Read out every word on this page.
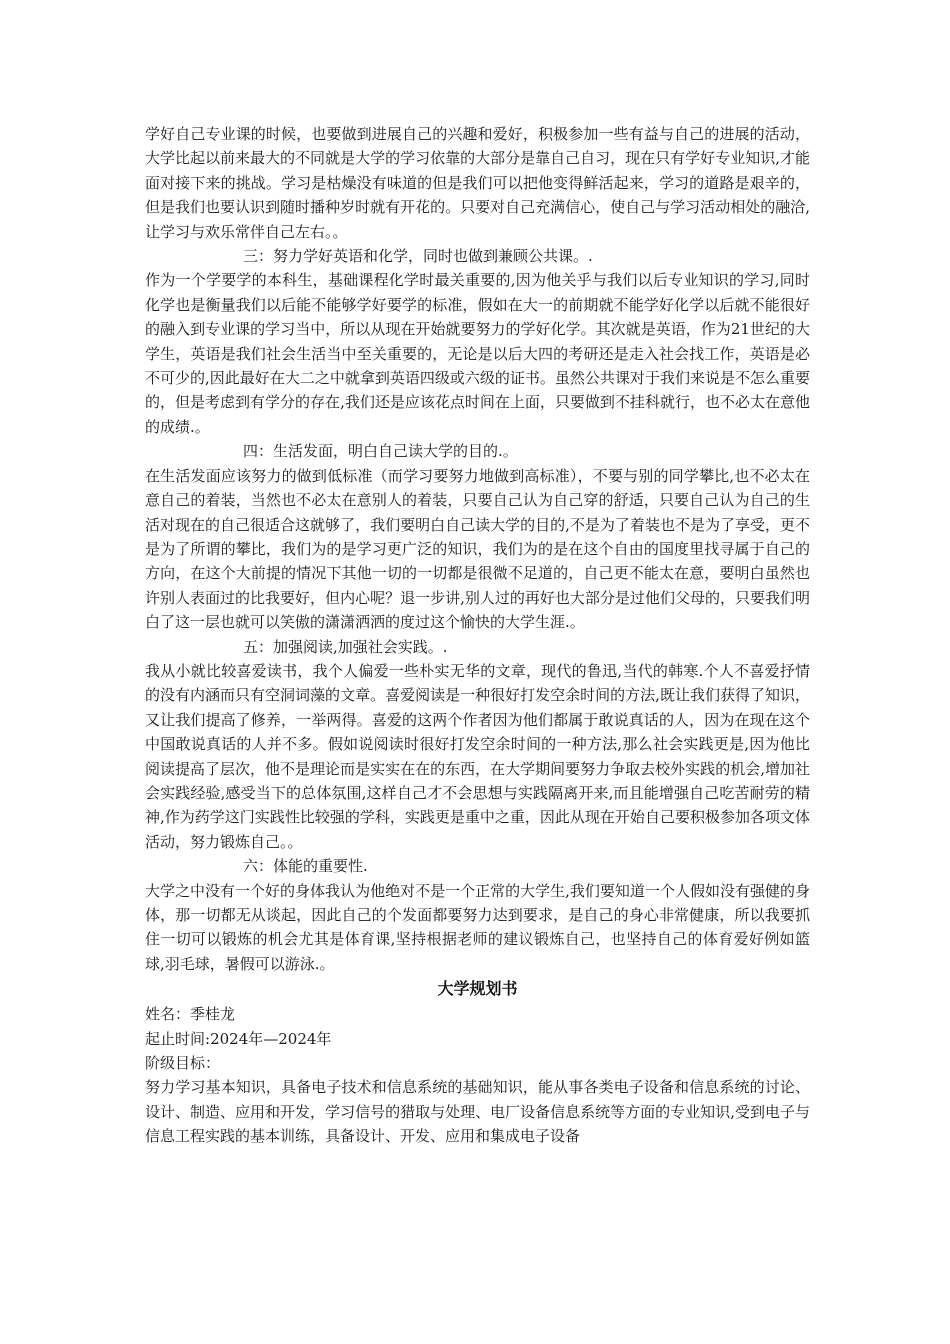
学好自己专业课的时候，也要做到进展自己的兴趣和爱好，积极参加一些有益与自己的进展的活动，大学比起以前来最大的不同就是大学的学习依靠的大部分是靠自己自习，现在只有学好专业知识,才能面对接下来的挑战。学习是枯燥没有味道的但是我们可以把他变得鲜活起来，学习的道路是艰辛的，但是我们也要认识到随时播种岁时就有开花的。只要对自己充满信心，使自己与学习活动相处的融洽,让学习与欢乐常伴自己左右。。

三：努力学好英语和化学，同时也做到兼顾公共课。.

作为一个学要学的本科生，基础课程化学时最关重要的,因为他关乎与我们以后专业知识的学习,同时化学也是衡量我们以后能不能够学好要学的标准，假如在大一的前期就不能学好化学以后就不能很好的融入到专业课的学习当中，所以从现在开始就要努力的学好化学。其次就是英语，作为21世纪的大学生，英语是我们社会生活当中至关重要的，无论是以后大四的考研还是走入社会找工作，英语是必不可少的,因此最好在大二之中就拿到英语四级或六级的证书。虽然公共课对于我们来说是不怎么重要的，但是考虑到有学分的存在,我们还是应该花点时间在上面，只要做到不挂科就行，也不必太在意他的成绩.。

四：生活发面，明白自己读大学的目的.。

在生活发面应该努力的做到低标准（而学习要努力地做到高标准），不要与别的同学攀比,也不必太在意自己的着装，当然也不必太在意别人的着装，只要自己认为自己穿的舒适，只要自己认为自己的生活对现在的自己很适合这就够了，我们要明白自己读大学的目的,不是为了着装也不是为了享受，更不是为了所谓的攀比，我们为的是学习更广泛的知识，我们为的是在这个自由的国度里找寻属于自己的方向，在这个大前提的情况下其他一切的一切都是很微不足道的，自己更不能太在意，要明白虽然也许别人表面过的比我要好，但内心呢？退一步讲,别人过的再好也大部分是过他们父母的，只要我们明白了这一层也就可以笑傲的潇潇洒洒的度过这个愉快的大学生涯.。

五：加强阅读,加强社会实践。.

我从小就比较喜爱读书，我个人偏爱一些朴实无华的文章，现代的鲁迅,当代的韩寒.个人不喜爱抒情的没有内涵而只有空洞词藻的文章。喜爱阅读是一种很好打发空余时间的方法,既让我们获得了知识，又让我们提高了修养，一举两得。喜爱的这两个作者因为他们都属于敢说真话的人，因为在现在这个中国敢说真话的人并不多。假如说阅读时很好打发空余时间的一种方法,那么社会实践更是,因为他比阅读提高了层次，他不是理论而是实实在在的东西，在大学期间要努力争取去校外实践的机会,增加社会实践经验,感受当下的总体氛围,这样自己才不会思想与实践隔离开来,而且能增强自己吃苦耐劳的精神,作为药学这门实践性比较强的学科，实践更是重中之重，因此从现在开始自己要积极参加各项文体活动，努力锻炼自己。。

六：体能的重要性.

大学之中没有一个好的身体我认为他绝对不是一个正常的大学生,我们要知道一个人假如没有强健的身体，那一切都无从谈起，因此自己的个发面都要努力达到要求，是自己的身心非常健康，所以我要抓住一切可以锻炼的机会尤其是体育课,坚持根据老师的建议锻炼自己，也坚持自己的体育爱好例如篮球,羽毛球，暑假可以游泳.。

大学规划书

姓名：季桂龙

起止时间:2024年—2024年

阶级目标：

努力学习基本知识，具备电子技术和信息系统的基础知识，能从事各类电子设备和信息系统的讨论、设计、制造、应用和开发，学习信号的猎取与处理、电厂设备信息系统等方面的专业知识,受到电子与信息工程实践的基本训练，具备设计、开发、应用和集成电子设备
